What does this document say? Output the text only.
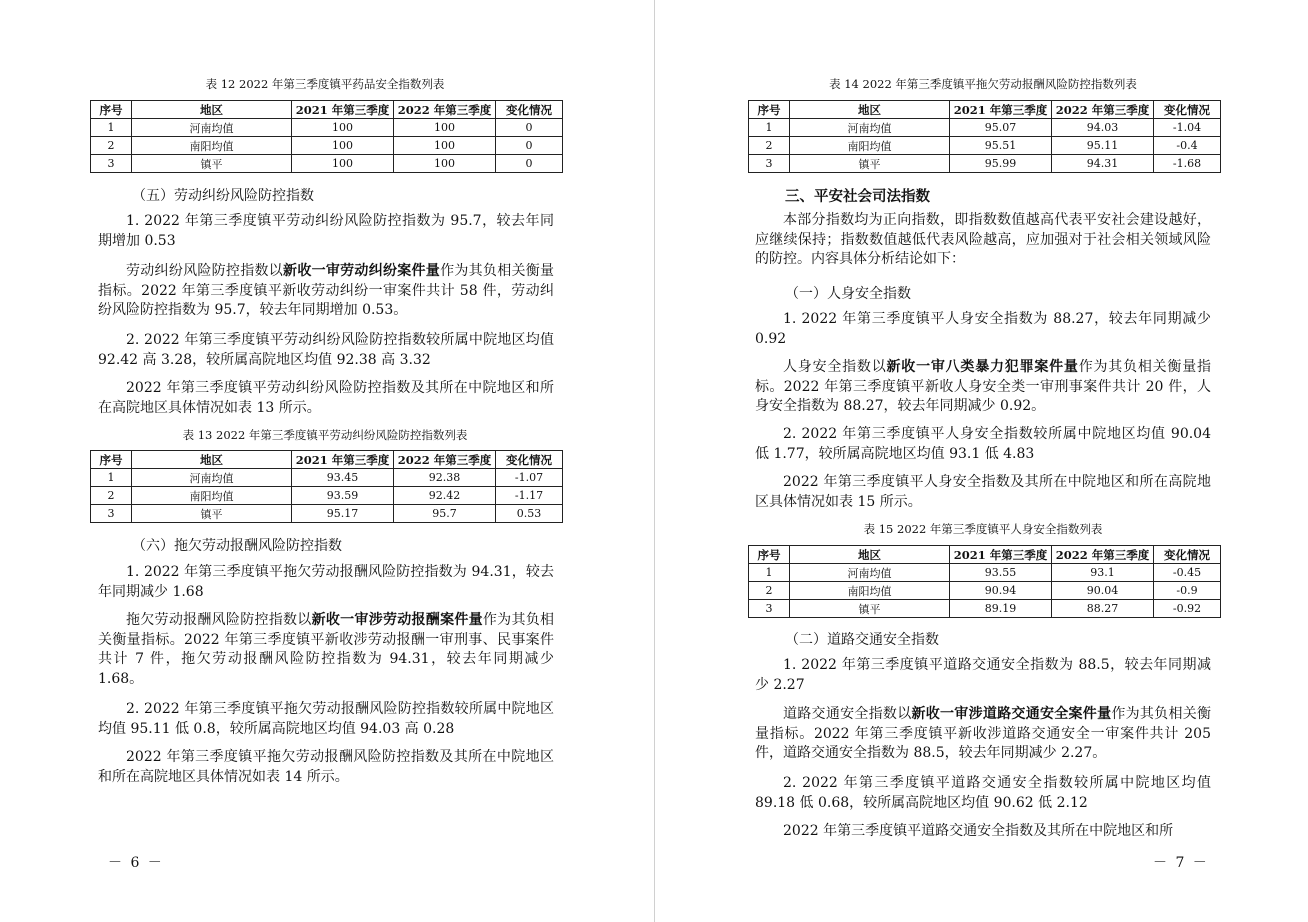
表 12 2022 年第三季度镇平药品安全指数列表
序号	地区	2021 年第三季度	2022 年第三季度	变化情况
1	河南均值	100	100	0
2	南阳均值	100	100	0
3	镇平	100	100	0
（五）劳动纠纷风险防控指数

1. 2022 年第三季度镇平劳动纠纷风险防控指数为 95.7，较去年同期增加 0.53

劳动纠纷风险防控指数以新收一审劳动纠纷案件量作为其负相关衡量指标。2022 年第三季度镇平新收劳动纠纷一审案件共计 58 件，劳动纠纷风险防控指数为 95.7，较去年同期增加 0.53。

2. 2022 年第三季度镇平劳动纠纷风险防控指数较所属中院地区均值 92.42 高 3.28，较所属高院地区均值 92.38 高 3.32

2022 年第三季度镇平劳动纠纷风险防控指数及其所在中院地区和所在高院地区具体情况如表 13 所示。

表 13 2022 年第三季度镇平劳动纠纷风险防控指数列表
序号	地区	2021 年第三季度	2022 年第三季度	变化情况
1	河南均值	93.45	92.38	-1.07
2	南阳均值	93.59	92.42	-1.17
3	镇平	95.17	95.7	0.53
（六）拖欠劳动报酬风险防控指数

1. 2022 年第三季度镇平拖欠劳动报酬风险防控指数为 94.31，较去年同期减少 1.68

拖欠劳动报酬风险防控指数以新收一审涉劳动报酬案件量作为其负相关衡量指标。2022 年第三季度镇平新收涉劳动报酬一审刑事、民事案件共计 7 件，拖欠劳动报酬风险防控指数为 94.31，较去年同期减少 1.68。

2. 2022 年第三季度镇平拖欠劳动报酬风险防控指数较所属中院地区均值 95.11 低 0.8，较所属高院地区均值 94.03 高 0.28

2022 年第三季度镇平拖欠劳动报酬风险防控指数及其所在中院地区和所在高院地区具体情况如表 14 所示。

－ 6 －
表 14 2022 年第三季度镇平拖欠劳动报酬风险防控指数列表
序号	地区	2021 年第三季度	2022 年第三季度	变化情况
1	河南均值	95.07	94.03	-1.04
2	南阳均值	95.51	95.11	-0.4
3	镇平	95.99	94.31	-1.68
三、平安社会司法指数

本部分指数均为正向指数，即指数数值越高代表平安社会建设越好，应继续保持；指数数值越低代表风险越高，应加强对于社会相关领域风险的防控。内容具体分析结论如下：

（一）人身安全指数

1. 2022 年第三季度镇平人身安全指数为 88.27，较去年同期减少 0.92

人身安全指数以新收一审八类暴力犯罪案件量作为其负相关衡量指标。2022 年第三季度镇平新收人身安全类一审刑事案件共计 20 件，人身安全指数为 88.27，较去年同期减少 0.92。

2. 2022 年第三季度镇平人身安全指数较所属中院地区均值 90.04 低 1.77，较所属高院地区均值 93.1 低 4.83

2022 年第三季度镇平人身安全指数及其所在中院地区和所在高院地区具体情况如表 15 所示。

表 15 2022 年第三季度镇平人身安全指数列表
序号	地区	2021 年第三季度	2022 年第三季度	变化情况
1	河南均值	93.55	93.1	-0.45
2	南阳均值	90.94	90.04	-0.9
3	镇平	89.19	88.27	-0.92
（二）道路交通安全指数

1. 2022 年第三季度镇平道路交通安全指数为 88.5，较去年同期减少 2.27

道路交通安全指数以新收一审涉道路交通安全案件量作为其负相关衡量指标。2022 年第三季度镇平新收涉道路交通安全一审案件共计 205 件，道路交通安全指数为 88.5，较去年同期减少 2.27。

2. 2022 年第三季度镇平道路交通安全指数较所属中院地区均值 89.18 低 0.68，较所属高院地区均值 90.62 低 2.12

2022 年第三季度镇平道路交通安全指数及其所在中院地区和所

－ 7 －
